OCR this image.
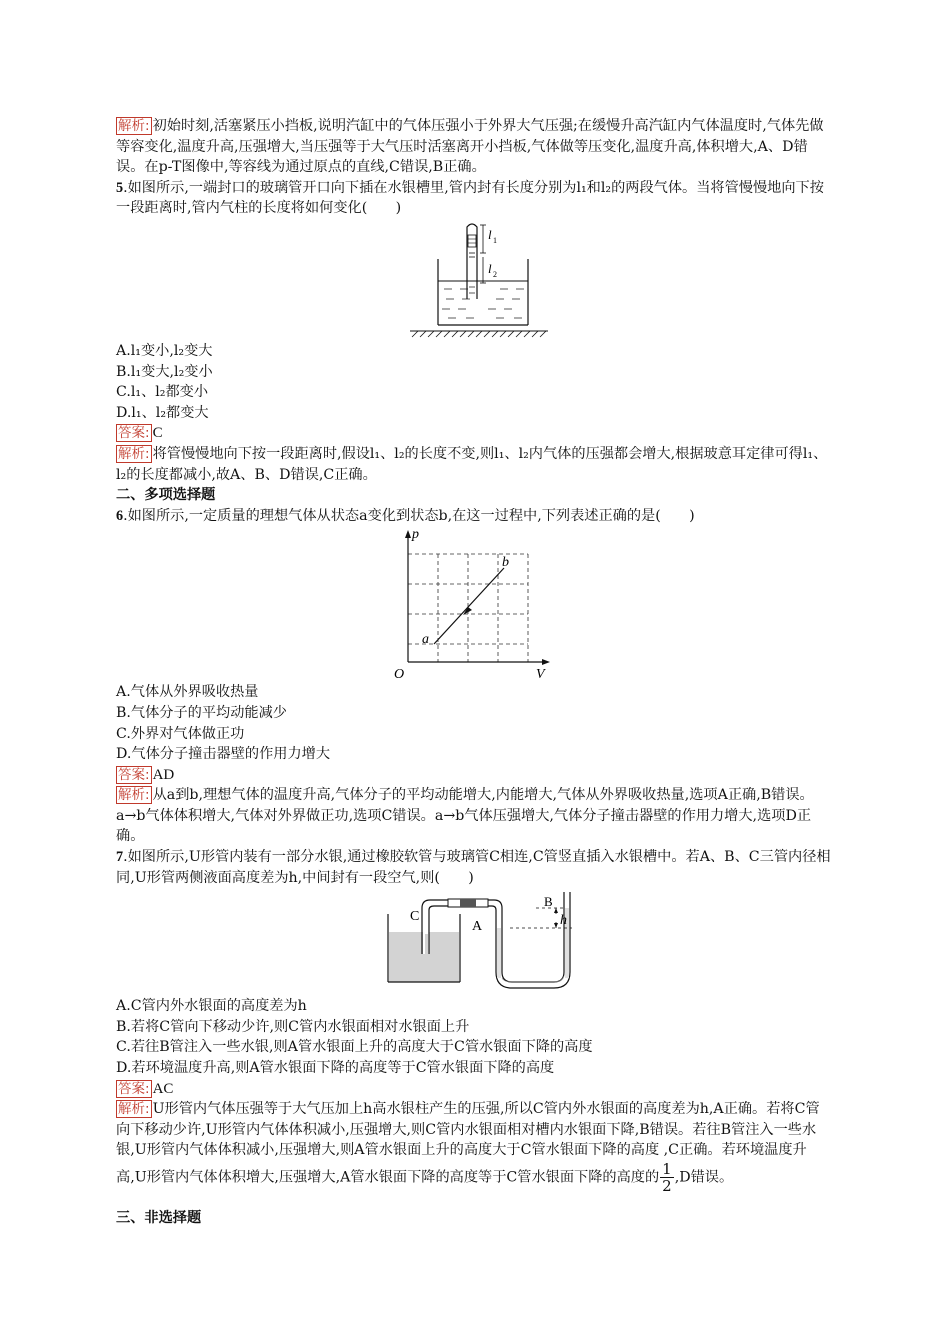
解析: 初始时刻,活塞紧压小挡板,说明汽缸中的气体压强小于外界大气压强;在缓慢升高汽缸内气体温度时,气体先做等容变化,温度升高,压强增大,当压强等于大气压时活塞离开小挡板,气体做等压变化,温度升高,体积增大,A、D错误。在p-T图像中,等容线为通过原点的直线,C错误,B正确。

5.如图所示,一端封口的玻璃管开口向下插在水银槽里,管内封有长度分别为l₁和l₂的两段气体。当将管慢慢地向下按一段距离时,管内气柱的长度将如何变化(　　)

l 1
l 2

A.l₁变小,l₂变大

B.l₁变大,l₂变小

C.l₁、l₂都变小

D.l₁、l₂都变大

答案: C

解析: 将管慢慢地向下按一段距离时,假设l₁、l₂的长度不变,则l₁、l₂内气体的压强都会增大,根据玻意耳定律可得l₁、l₂的长度都减小,故A、B、D错误,C正确。

二、多项选择题

6.如图所示,一定质量的理想气体从状态a变化到状态b,在这一过程中,下列表述正确的是(　　)

p
V
O
a
b

A.气体从外界吸收热量

B.气体分子的平均动能减少

C.外界对气体做正功

D.气体分子撞击器壁的作用力增大

答案: AD

解析: 从a到b,理想气体的温度升高,气体分子的平均动能增大,内能增大,气体从外界吸收热量,选项A正确,B错误。a→b气体体积增大,气体对外界做正功,选项C错误。a→b气体压强增大,气体分子撞击器壁的作用力增大,选项D正确。

7.如图所示,U形管内装有一部分水银,通过橡胶软管与玻璃管C相连,C管竖直插入水银槽中。若A、B、C三管内径相同,U形管两侧液面高度差为h,中间封有一段空气,则(　　)

C
A
B
h

A.C管内外水银面的高度差为h

B.若将C管向下移动少许,则C管内水银面相对水银面上升

C.若往B管注入一些水银,则A管水银面上升的高度大于C管水银面下降的高度

D.若环境温度升高,则A管水银面下降的高度等于C管水银面下降的高度

答案: AC

解析: U形管内气体压强等于大气压加上h高水银柱产生的压强,所以C管内外水银面的高度差为h,A正确。若将C管向下移动少许,U形管内气体体积减小,压强增大,则C管内水银面相对槽内水银面下降,B错误。若往B管注入一些水银,U形管内气体体积减小,压强增大,则A管水银面上升的高度大于C管水银面下降的高度 ,C正确。若环境温度升高,U形管内气体体积增大,压强增大,A管水银面下降的高度等于C管水银面下降的高度的 $\frac{1}{2} ,D$错误。

三、非选择题
